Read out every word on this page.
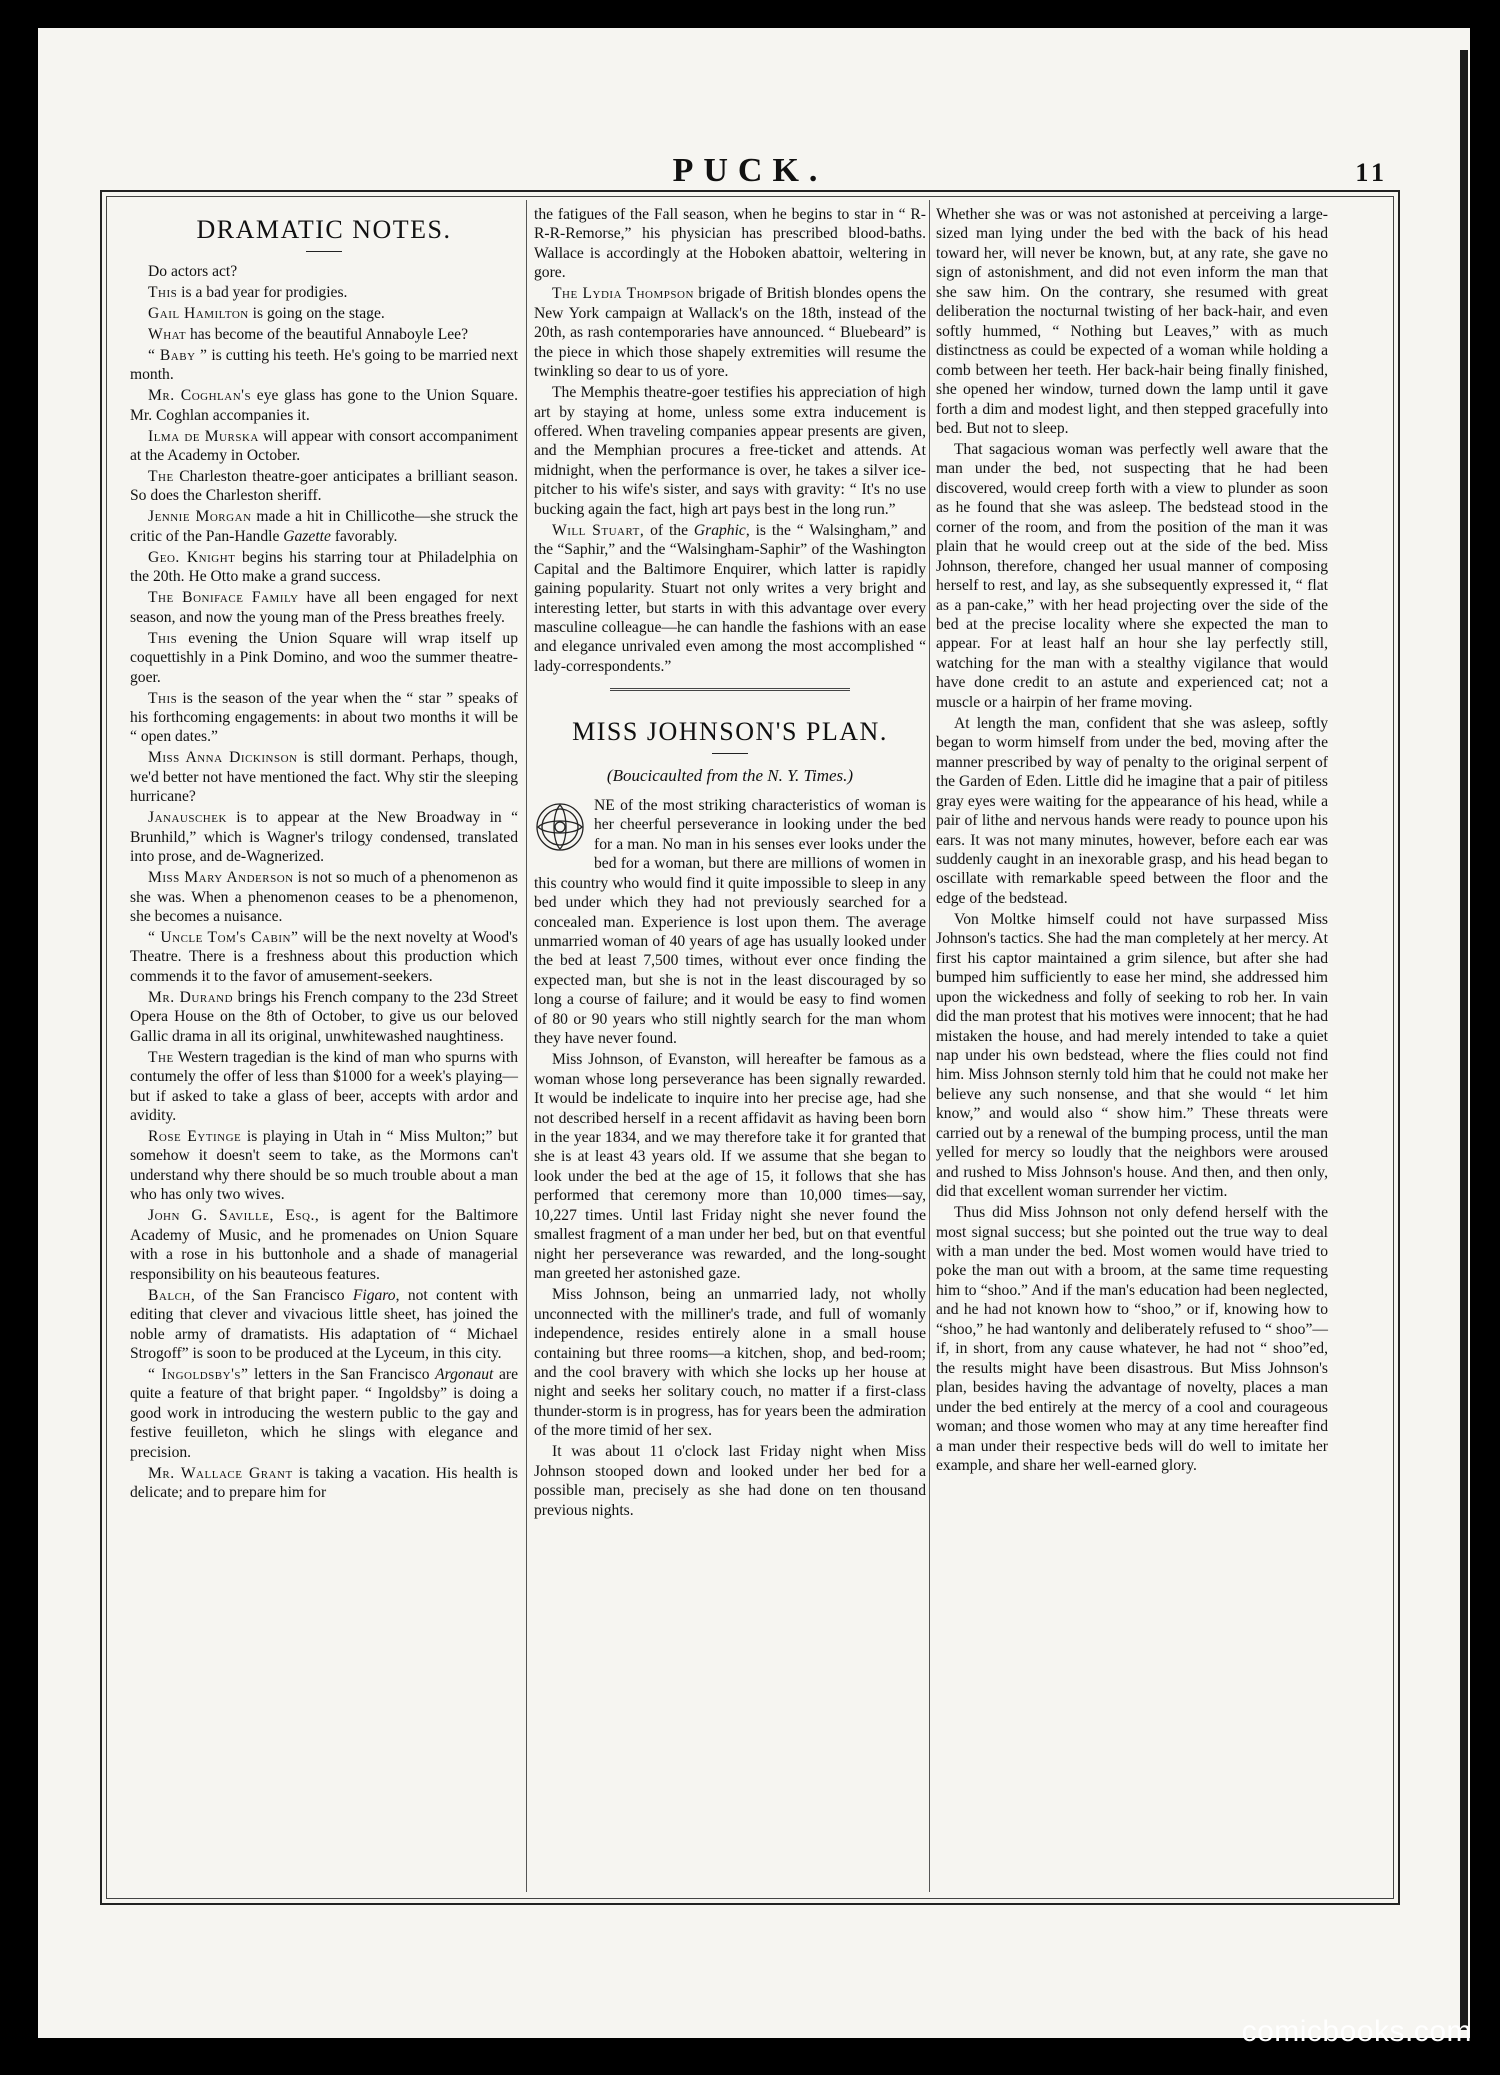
PUCK.	11
DRAMATIC NOTES.

Do actors act?

This is a bad year for prodigies.

Gail Hamilton is going on the stage.

What has become of the beautiful Annaboyle Lee?

“ Baby ” is cutting his teeth. He's going to be married next month.

Mr. Coghlan's eye glass has gone to the Union Square. Mr. Coghlan accompanies it.

Ilma de Murska will appear with consort accompaniment at the Academy in October.

The Charleston theatre-goer anticipates a brilliant season. So does the Charleston sheriff.

Jennie Morgan made a hit in Chillicothe—she struck the critic of the Pan-Handle Gazette favorably.

Geo. Knight begins his starring tour at Philadelphia on the 20th. He Otto make a grand success.

The Boniface Family have all been engaged for next season, and now the young man of the Press breathes freely.

This evening the Union Square will wrap itself up coquettishly in a Pink Domino, and woo the summer theatre-goer.

This is the season of the year when the “ star ” speaks of his forthcoming engagements: in about two months it will be “ open dates.”

Miss Anna Dickinson is still dormant. Perhaps, though, we'd better not have mentioned the fact. Why stir the sleeping hurricane?

Janauschek is to appear at the New Broadway in “ Brunhild,” which is Wagner's trilogy condensed, translated into prose, and de-Wagnerized.

Miss Mary Anderson is not so much of a phenomenon as she was. When a phenomenon ceases to be a phenomenon, she becomes a nuisance.

“ Uncle Tom's Cabin” will be the next novelty at Wood's Theatre. There is a freshness about this production which commends it to the favor of amusement-seekers.

Mr. Durand brings his French company to the 23d Street Opera House on the 8th of October, to give us our beloved Gallic drama in all its original, unwhitewashed naughtiness.

The Western tragedian is the kind of man who spurns with contumely the offer of less than $1000 for a week's playing—but if asked to take a glass of beer, accepts with ardor and avidity.

Rose Eytinge is playing in Utah in “ Miss Multon;” but somehow it doesn't seem to take, as the Mormons can't understand why there should be so much trouble about a man who has only two wives.

John G. Saville, Esq., is agent for the Baltimore Academy of Music, and he promenades on Union Square with a rose in his buttonhole and a shade of managerial responsibility on his beauteous features.

Balch, of the San Francisco Figaro, not content with editing that clever and vivacious little sheet, has joined the noble army of dramatists. His adaptation of “ Michael Strogoff” is soon to be produced at the Lyceum, in this city.

“ Ingoldsby's” letters in the San Francisco Argonaut are quite a feature of that bright paper. “ Ingoldsby” is doing a good work in introducing the western public to the gay and festive feuilleton, which he slings with elegance and precision.

Mr. Wallace Grant is taking a vacation. His health is delicate; and to prepare him for

the fatigues of the Fall season, when he begins to star in “ R-R-R-Remorse,” his physician has prescribed blood-baths. Wallace is accordingly at the Hoboken abattoir, weltering in gore.

The Lydia Thompson brigade of British blondes opens the New York campaign at Wallack's on the 18th, instead of the 20th, as rash contemporaries have announced. “ Bluebeard” is the piece in which those shapely extremities will resume the twinkling so dear to us of yore.

The Memphis theatre-goer testifies his appreciation of high art by staying at home, unless some extra inducement is offered. When traveling companies appear presents are given, and the Memphian procures a free-ticket and attends. At midnight, when the performance is over, he takes a silver ice-pitcher to his wife's sister, and says with gravity: “ It's no use bucking again the fact, high art pays best in the long run.”

Will Stuart, of the Graphic, is the “ Walsingham,” and the “Saphir,” and the “Walsingham-Saphir” of the Washington Capital and the Baltimore Enquirer, which latter is rapidly gaining popularity. Stuart not only writes a very bright and interesting letter, but starts in with this advantage over every masculine colleague—he can handle the fashions with an ease and elegance unrivaled even among the most accomplished “ lady-correspondents.”

MISS JOHNSON'S PLAN.
(Boucicaulted from the N. Y. Times.)

NE of the most striking characteristics of woman is her cheerful perseverance in looking under the bed for a man. No man in his senses ever looks under the bed for a woman, but there are millions of women in this country who would find it quite impossible to sleep in any bed under which they had not previously searched for a concealed man. Experience is lost upon them. The average unmarried woman of 40 years of age has usually looked under the bed at least 7,500 times, without ever once finding the expected man, but she is not in the least discouraged by so long a course of failure; and it would be easy to find women of 80 or 90 years who still nightly search for the man whom they have never found.

Miss Johnson, of Evanston, will hereafter be famous as a woman whose long perseverance has been signally rewarded. It would be indelicate to inquire into her precise age, had she not described herself in a recent affidavit as having been born in the year 1834, and we may therefore take it for granted that she is at least 43 years old. If we assume that she began to look under the bed at the age of 15, it follows that she has performed that ceremony more than 10,000 times—say, 10,227 times. Until last Friday night she never found the smallest fragment of a man under her bed, but on that eventful night her perseverance was rewarded, and the long-sought man greeted her astonished gaze.

Miss Johnson, being an unmarried lady, not wholly unconnected with the milliner's trade, and full of womanly independence, resides entirely alone in a small house containing but three rooms—a kitchen, shop, and bed-room; and the cool bravery with which she locks up her house at night and seeks her solitary couch, no matter if a first-class thunder-storm is in progress, has for years been the admiration of the more timid of her sex.

It was about 11 o'clock last Friday night when Miss Johnson stooped down and looked under her bed for a possible man, precisely as she had done on ten thousand previous nights.

Whether she was or was not astonished at perceiving a large-sized man lying under the bed with the back of his head toward her, will never be known, but, at any rate, she gave no sign of astonishment, and did not even inform the man that she saw him. On the contrary, she resumed with great deliberation the nocturnal twisting of her back-hair, and even softly hummed, “ Nothing but Leaves,” with as much distinctness as could be expected of a woman while holding a comb between her teeth. Her back-hair being finally finished, she opened her window, turned down the lamp until it gave forth a dim and modest light, and then stepped gracefully into bed. But not to sleep.

That sagacious woman was perfectly well aware that the man under the bed, not suspecting that he had been discovered, would creep forth with a view to plunder as soon as he found that she was asleep. The bedstead stood in the corner of the room, and from the position of the man it was plain that he would creep out at the side of the bed. Miss Johnson, therefore, changed her usual manner of composing herself to rest, and lay, as she subsequently expressed it, “ flat as a pan-cake,” with her head projecting over the side of the bed at the precise locality where she expected the man to appear. For at least half an hour she lay perfectly still, watching for the man with a stealthy vigilance that would have done credit to an astute and experienced cat; not a muscle or a hairpin of her frame moving.

At length the man, confident that she was asleep, softly began to worm himself from under the bed, moving after the manner prescribed by way of penalty to the original serpent of the Garden of Eden. Little did he imagine that a pair of pitiless gray eyes were waiting for the appearance of his head, while a pair of lithe and nervous hands were ready to pounce upon his ears. It was not many minutes, however, before each ear was suddenly caught in an inexorable grasp, and his head began to oscillate with remarkable speed between the floor and the edge of the bedstead.

Von Moltke himself could not have surpassed Miss Johnson's tactics. She had the man completely at her mercy. At first his captor maintained a grim silence, but after she had bumped him sufficiently to ease her mind, she addressed him upon the wickedness and folly of seeking to rob her. In vain did the man protest that his motives were innocent; that he had mistaken the house, and had merely intended to take a quiet nap under his own bedstead, where the flies could not find him. Miss Johnson sternly told him that he could not make her believe any such nonsense, and that she would “ let him know,” and would also “ show him.” These threats were carried out by a renewal of the bumping process, until the man yelled for mercy so loudly that the neighbors were aroused and rushed to Miss Johnson's house. And then, and then only, did that excellent woman surrender her victim.

Thus did Miss Johnson not only defend herself with the most signal success; but she pointed out the true way to deal with a man under the bed. Most women would have tried to poke the man out with a broom, at the same time requesting him to “shoo.” And if the man's education had been neglected, and he had not known how to “shoo,” or if, knowing how to “shoo,” he had wantonly and deliberately refused to “ shoo”—if, in short, from any cause whatever, he had not “ shoo”ed, the results might have been disastrous. But Miss Johnson's plan, besides having the advantage of novelty, places a man under the bed entirely at the mercy of a cool and courageous woman; and those women who may at any time hereafter find a man under their respective beds will do well to imitate her example, and share her well-earned glory.

comicbooks.com
